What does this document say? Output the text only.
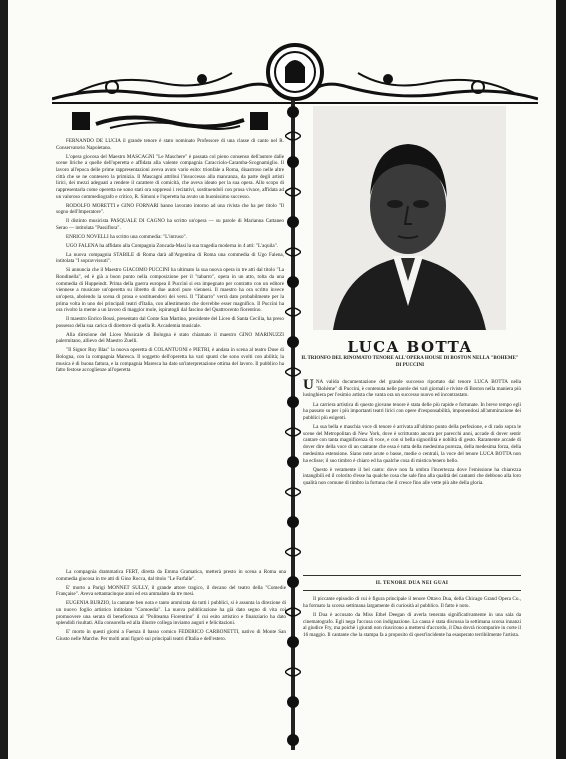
FERNANDO DE LUCIA il grande tenore è stato nominato Professore di una classe di canto nel R. Conservatorio Napoletano.

L'opera giocosa del Maestro MASCAGNI "Le Maschere" è passata col pieno consenso dell'autore dalle scene liriche a quelle dell'operetta e affidata alla valente compagnia Caracciolo-Caramba-Scognamiglio. Il lavoro all'epoca delle prime rappresentazioni aveva avuto vario esito: trionfale a Roma, disastroso nelle altre città che se ne contesero la primizia. Il Mascagni attribuì l'insuccesso alla mancanza, da parte degli artisti lirici, dei mezzi adeguati a rendere il carattere di comicità, che aveva ideato per la sua opera. Allo scopo di rappresentarla come operetta ne sono stati ora soppressi i recitativi, sostituendoli con prosa vivace, affidata ad un valoroso commediografo e critico, R. Simoni e l'operetta ha avuto un buonissimo successo.

RODOLFO MORETTI e GINO FORNARI hanno lavorato intorno ad una rivista che ha per titolo "Il sogno dell'Imperatore".

Il distinto musicista PASQUALE DI CAGNO ha scritto un'opera — su parole di Marianna Cattaneo Serao — intitolata "Passiflora".

ENRICO NOVELLI ha scritto una commedia: "L'intruso".

UGO FALENA ha affidato alla Compagnia Zoncada-Masi la sua tragedia moderna in 4 atti: "L'aquila".

La nuova compagnia STABILE di Roma darà all'Argentina di Roma una commedia di Ugo Falena, intitolata "I sopravvissuti".

Si annuncia che il Maestro GIACOMO PUCCINI ha ultimato la sua nuova opera in tre atti dal titolo "La Rondinella", ed è già a buon punto nella composizione per il "tabarro", opera in un atto, tolta da una commedia di Huppeindt. Prima della guerra europea il Puccini si era impegnato per contratto con un editore viennese a musicare un'operetta su libretto di due autori pure viennesi. Il maestro ha ora scritto invece un'opera, abolendo la scena di prosa e sostituendovi dei versi. Il "Tabarro" verrà dato probabilmente per la prima volta in uno dei principali teatri d'Italia, con allestimento che dovrebbe esser magnifico. Il Puccini ha ora rivolto la mente a un lavoro di maggior mole, ispiratogli dal fascino del Quattrocento fiorentino.

Il maestro Enrico Bossi, presentato dal Conte San Martino, presidente del Liceo di Santa Cecilia, ha preso possesso della sua carica di direttore di quella R. Accademia musicale.

Alla direzione del Liceo Musicale di Bologna è stato chiamato il maestro GINO MARINUZZI palermitano, allievo del Maestro Zuelli.

"Il Signor Ruy Blas" la nuova operetta di COLANTUONI e PIETRI, è andata in scena al teatro Duse di Bologna, con la compagnia Maresca. Il soggetto dell'operetta ha vari spunti che sono svolti con abilità; la musica è di buona fattura, e la compagnia Maresca ha dato un'interpretazione ottima del lavoro. Il pubblico ha fatto festose accoglienze all'operetta

La compagnia drammatica FERT, diretta da Emma Gramatica, metterà presto in scena a Roma una commedia giocosa in tre atti di Gino Rocca, dal titolo "Le Farfalle".

E' morto a Parigi MONNET SULLY, il grande attore tragico, il decano del teatro della "Comedie Française". Aveva settantacinque anni ed era ammalato da tre mesi.

EUGENIA BURZIO, la cantante ben nota e tanto ammirata da tutti i pubblici, si è assunta la direzione di un nuovo foglio artistico intitolato "Comoedia". La nuova pubblicazione ha già dato segno di vita col promuovere una serata di beneficenza al "Politeama Fiorentino" il cui esito artistico e finanziario ha dato splendidi risultati. Alla consorella ed alla illustre collega inviamo auguri e felicitazioni.

E' morto in questi giorni a Faenza il basso comico FEDERICO CARBONETTI, nativo di Monte San Giusto nelle Marche. Per molti anni figurò sui principali teatri d'Italia e dell'estero.

LUCA BOTTA
IL TRIONFO DEL RINOMATO TENORE ALL'OPERA HOUSE DI BOSTON NELLA "BOHEME" DI PUCCINI

UNA valida documentazione del grande successo riportato dal tenore LUCA BOTTA nella "Bohème" di Puccini, è contenuta nelle parole dei vari giornali e riviste di Boston nella maniera più lusinghiera per l'esimio artista che vanta ora un successo nuovo ed incontrastato.

La carriera artistica di questo giovane tenore è stata delle più rapide e fortunate. In breve tempo egli ha passato su per i più importanti teatri lirici con opere d'responsabilità, imponendosi all'ammirazione dei pubblici più esigenti.

La sua bella e maschia voce di tenore è arrivata all'ultimo punto della perfezione, e di rado sopra le scene del Metropolitan di New York, dove è scritturato ancora per parecchi anni, accade di dover sentir cantare con tanta magnificenza di voce, e con sì bella signorilità e nobiltà di gesto. Raramente accade di dover dire della voce di un cantante che essa è tutta della medesima purezza, della medesima forza, della medesima estensione. Siano note acute o basse, medie o centrali, la voce del tenore LUCA BOTTA non ha eclisse; il suo timbro è chiaro ed ha qualche cosa di mistico/tenero bello.

Questo è veramente il bel canto: dove non fa ombra l'incertezza dove l'emissione ha chiarezza intangibili ed il colorito d'esse ha qualche cosa che sale fino alla qualità dei cantanti che debbono alla loro qualità non comune di timbro la fortuna che il cresce fino alle vette più alte della gloria.

IL TENORE DUA NEI GUAI

Il piccante episodio di cui è figura principale il tenore Ottavo Dua, della Chicago Grand Opera Co., ha formato la scorsa settimana largamente di curiosità al pubblico. Il fatto è noto.

Il Dua è accusato da Miss Ethel Deegan di averla tenerata significativamente in una sala da cinematografo. Egli nega l'accusa con indignazione. La causa è stata discussa la settimana scorsa innanzi al giudice Fry, ma poichè i giurati non riuscirono a mettersi d'accordo, il Dua dovrà ricomparire in corte il 16 maggio. Il cantante che la stampa fa a proposito di quest'incidente ha esasperato terribilmente l'artista.
